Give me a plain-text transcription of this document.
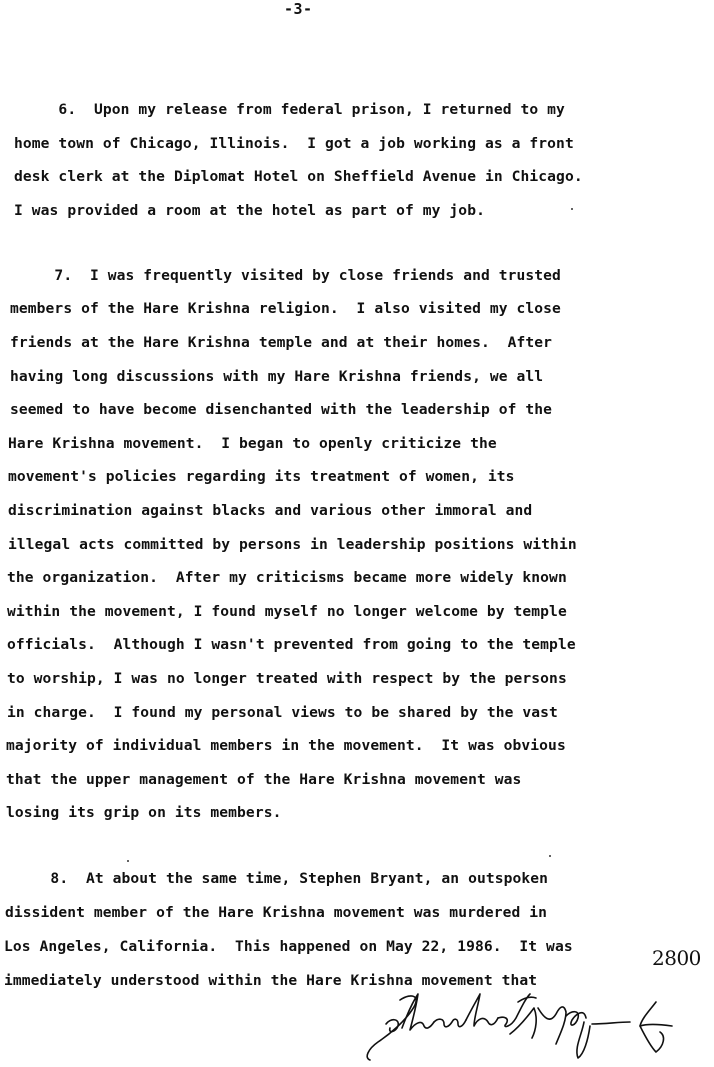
-3-
6.  Upon my release from federal prison, I returned to my
home town of Chicago, Illinois.  I got a job working as a front
desk clerk at the Diplomat Hotel on Sheffield Avenue in Chicago.
I was provided a room at the hotel as part of my job.
7.  I was frequently visited by close friends and trusted
members of the Hare Krishna religion.  I also visited my close
friends at the Hare Krishna temple and at their homes.  After
having long discussions with my Hare Krishna friends, we all
seemed to have become disenchanted with the leadership of the
Hare Krishna movement.  I began to openly criticize the
movement's policies regarding its treatment of women, its
discrimination against blacks and various other immoral and
illegal acts committed by persons in leadership positions within
the organization.  After my criticisms became more widely known
within the movement, I found myself no longer welcome by temple
officials.  Although I wasn't prevented from going to the temple
to worship, I was no longer treated with respect by the persons
in charge.  I found my personal views to be shared by the vast
majority of individual members in the movement.  It was obvious
that the upper management of the Hare Krishna movement was
losing its grip on its members.
8.  At about the same time, Stephen Bryant, an outspoken
dissident member of the Hare Krishna movement was murdered in
Los Angeles, California.  This happened on May 22, 1986.  It was
immediately understood within the Hare Krishna movement that
2800
